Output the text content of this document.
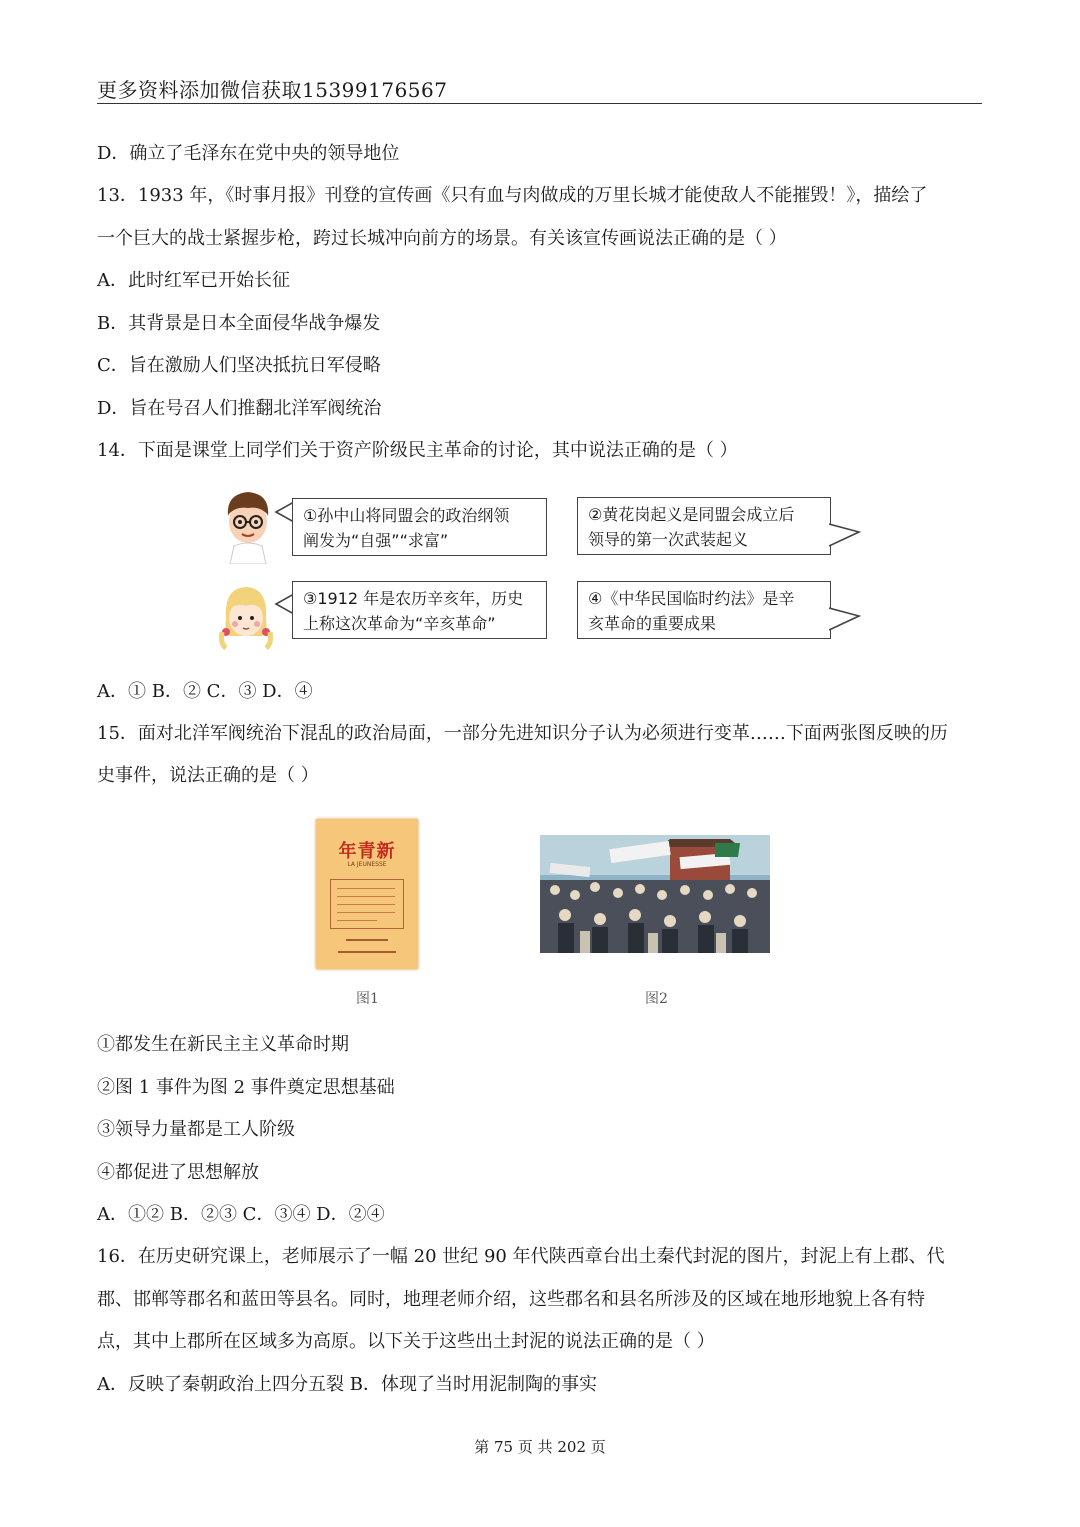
更多资料添加微信获取15399176567
D．确立了毛泽东在党中央的领导地位
13．1933 年，《时事月报》刊登的宣传画《只有血与肉做成的万里长城才能使敌人不能摧毁！》，描绘了
一个巨大的战士紧握步枪，跨过长城冲向前方的场景。有关该宣传画说法正确的是（ ）
A．此时红军已开始长征
B．其背景是日本全面侵华战争爆发
C．旨在激励人们坚决抵抗日军侵略
D．旨在号召人们推翻北洋军阀统治
14．下面是课堂上同学们关于资产阶级民主革命的讨论，其中说法正确的是（ ）
①孙中山将同盟会的政治纲领
阐发为“自强”“求富”
②黄花岗起义是同盟会成立后
领导的第一次武装起义
③1912 年是农历辛亥年，历史
上称这次革命为“辛亥革命”
④《中华民国临时约法》是辛
亥革命的重要成果
A．① B．② C．③ D．④
15．面对北洋军阀统治下混乱的政治局面，一部分先进知识分子认为必须进行变革……下面两张图反映的历
史事件，说法正确的是（ ）
新青年
LA JEUNESSE
图1	图2
①都发生在新民主主义革命时期
②图 1 事件为图 2 事件奠定思想基础
③领导力量都是工人阶级
④都促进了思想解放
A．①② B．②③ C．③④ D．②④
16．在历史研究课上，老师展示了一幅 20 世纪 90 年代陕西章台出土秦代封泥的图片，封泥上有上郡、代
郡、邯郸等郡名和蓝田等县名。同时，地理老师介绍，这些郡名和县名所涉及的区域在地形地貌上各有特
点，其中上郡所在区域多为高原。以下关于这些出土封泥的说法正确的是（ ）
A．反映了秦朝政治上四分五裂 B．体现了当时用泥制陶的事实
第 75 页 共 202 页
